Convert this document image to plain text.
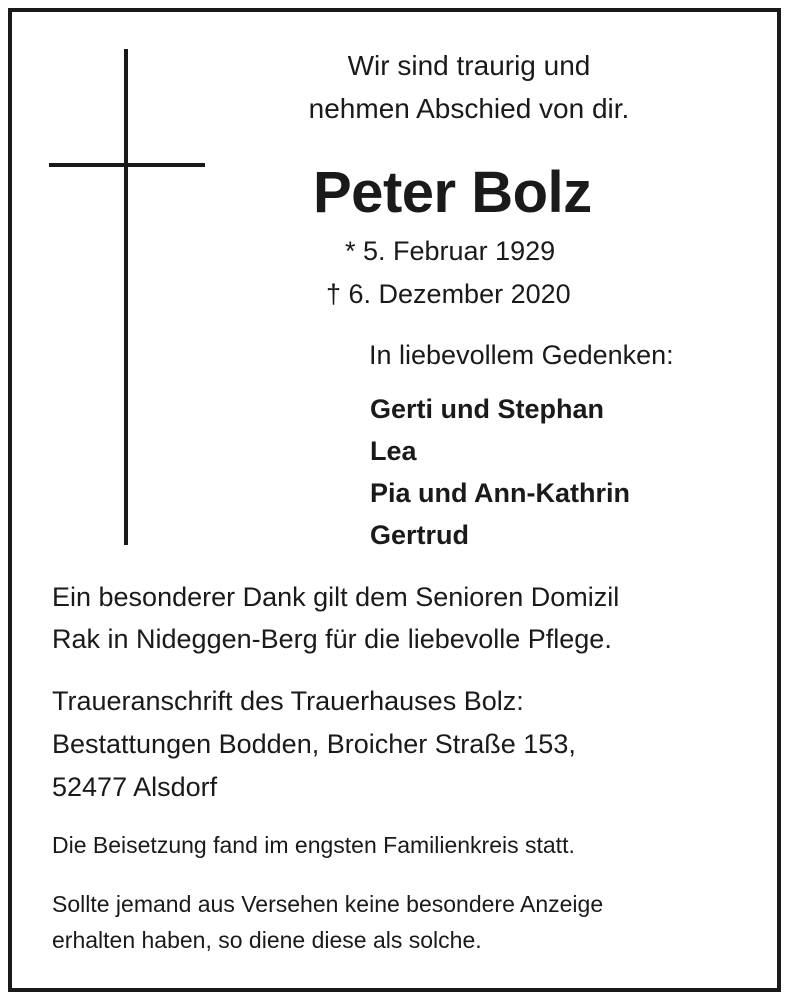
Wir sind traurig und

nehmen Abschied von dir.

Peter Bolz

* 5. Februar 1929

† 6. Dezember 2020

In liebevollem Gedenken:

Gerti und Stephan

Lea

Pia und Ann-Kathrin

Gertrud

Ein besonderer Dank gilt dem Senioren Domizil

Rak in Nideggen-Berg für die liebevolle Pflege.

Traueranschrift des Trauerhauses Bolz:

Bestattungen Bodden, Broicher Straße 153,

52477 Alsdorf

Die Beisetzung fand im engsten Familienkreis statt.

Sollte jemand aus Versehen keine besondere Anzeige

erhalten haben, so diene diese als solche.
